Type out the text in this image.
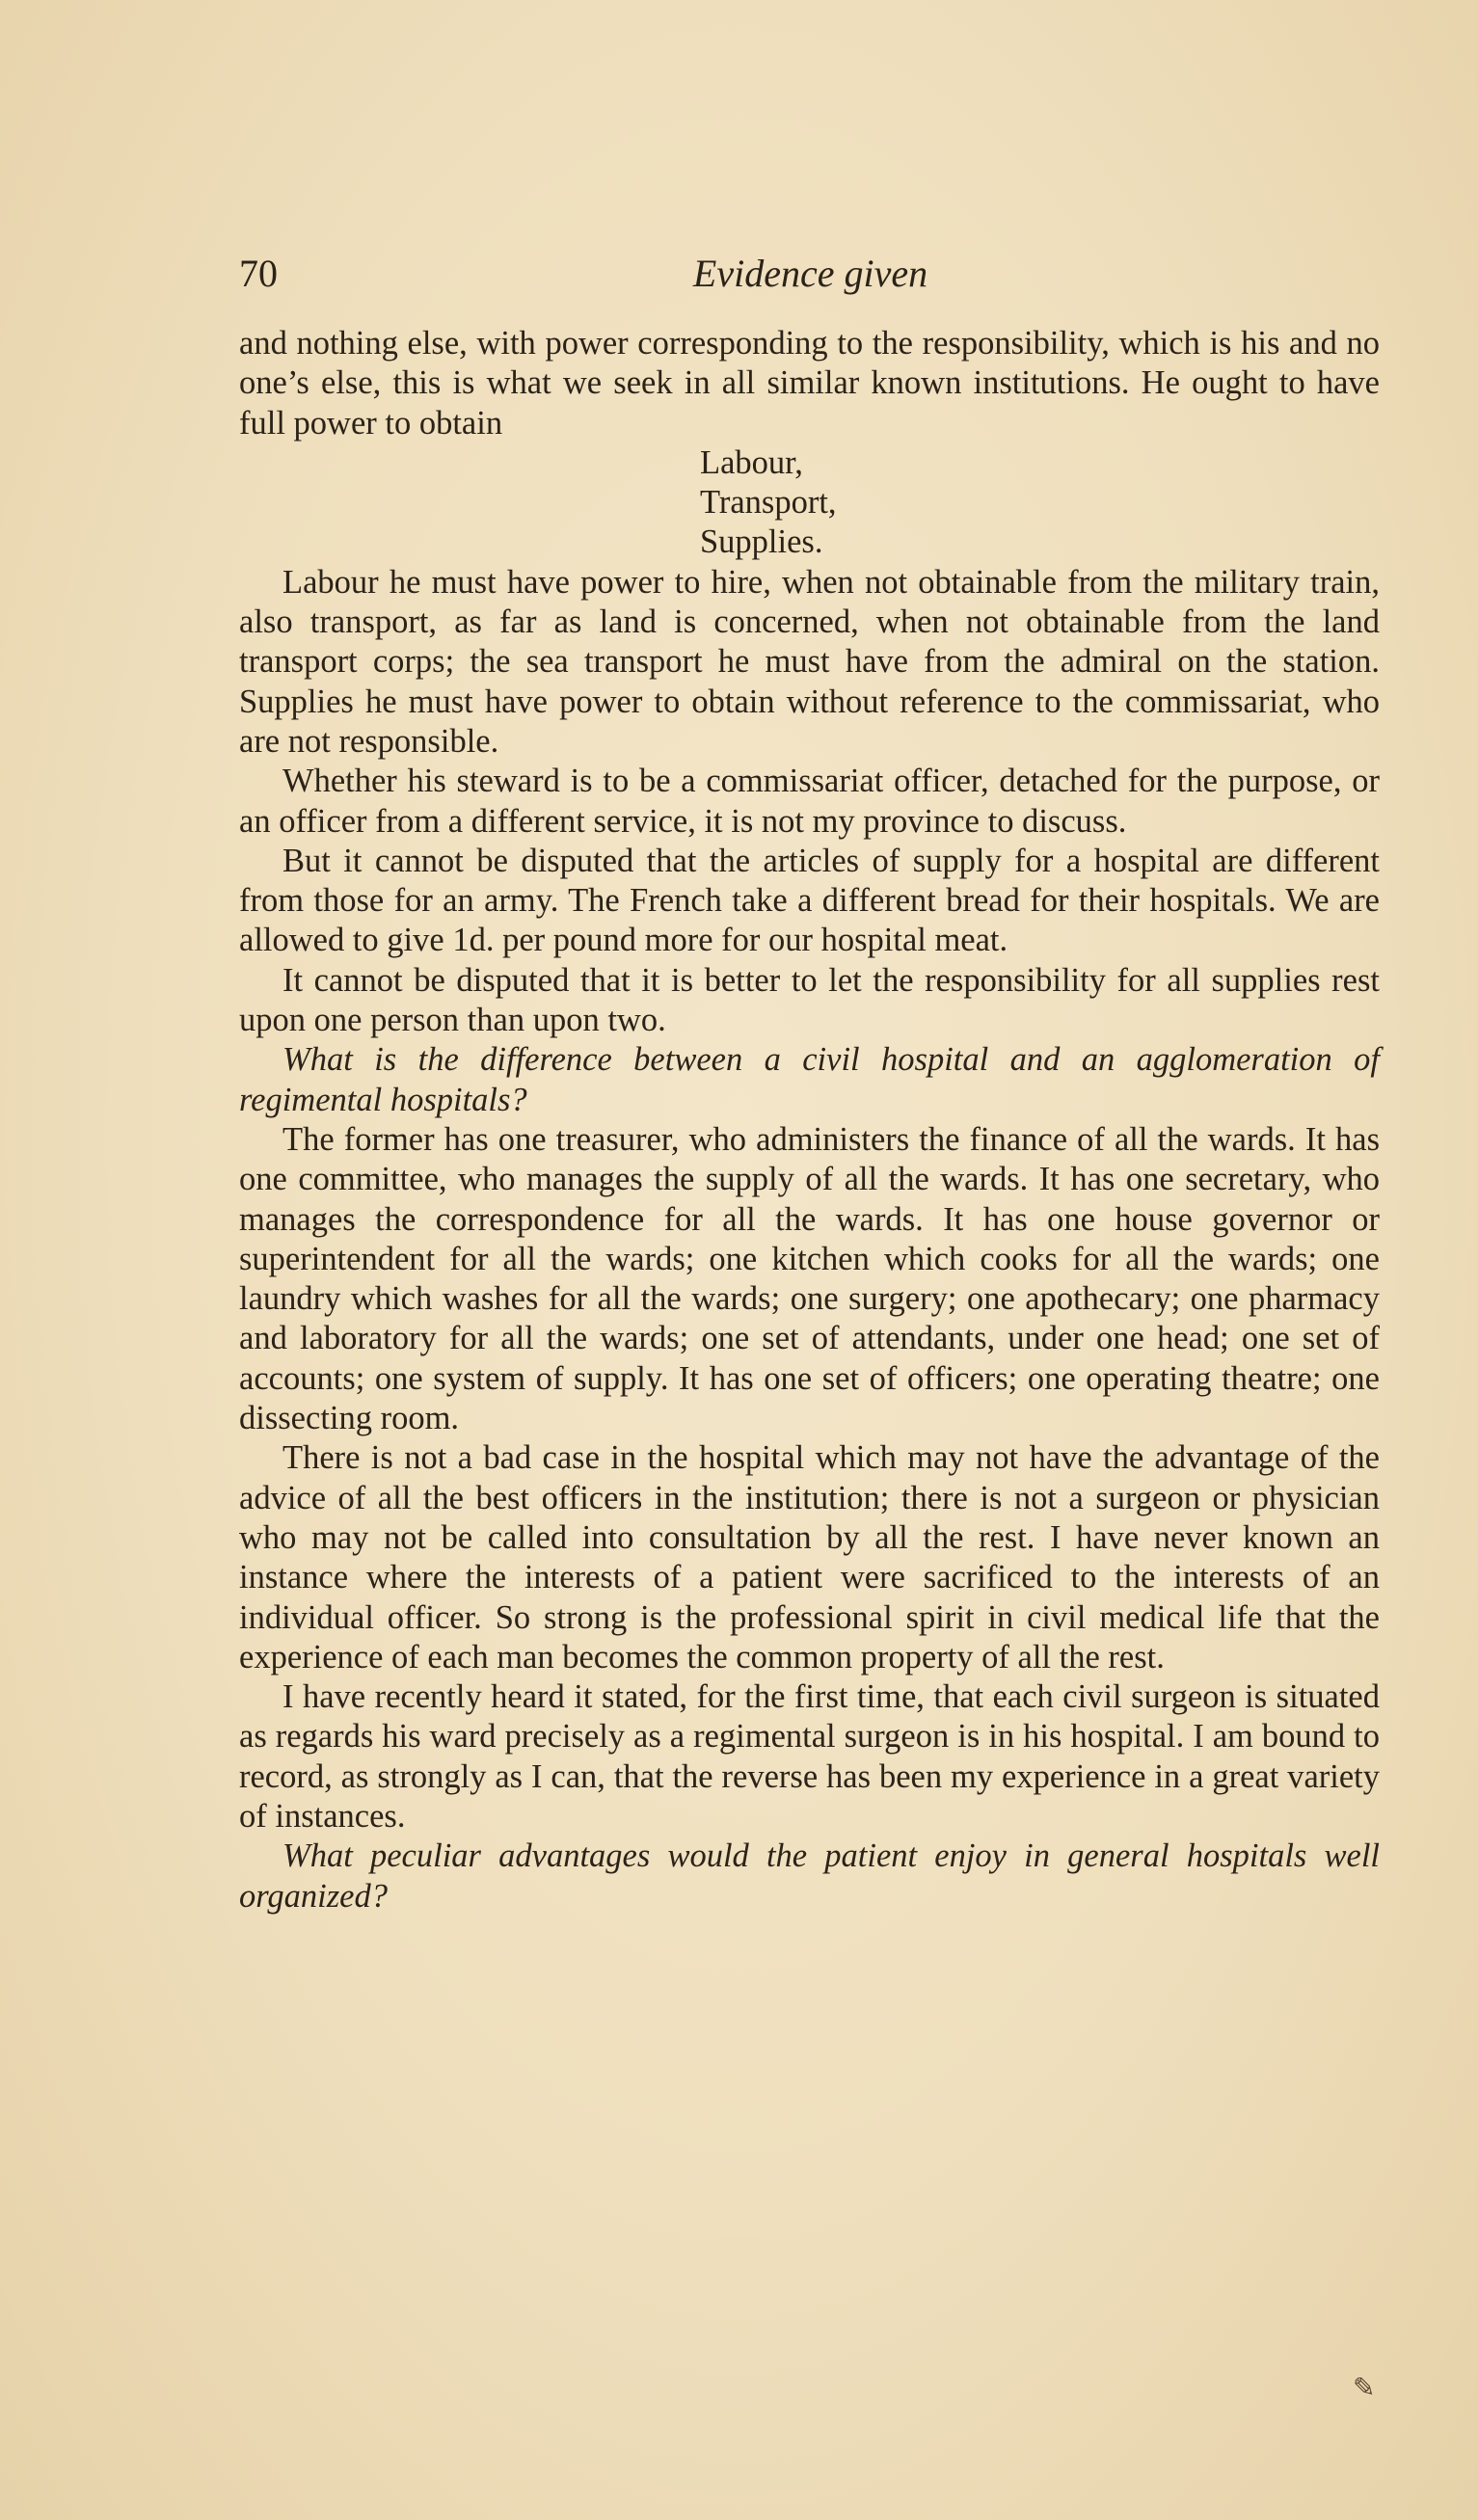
70	Evidence given

and nothing else, with power corresponding to the responsibility, which is his and no one’s else, this is what we seek in all similar known institutions. He ought to have full power to obtain

Labour,
Transport,
Supplies.

Labour he must have power to hire, when not obtainable from the military train, also transport, as far as land is concerned, when not obtainable from the land transport corps; the sea transport he must have from the admiral on the station. Supplies he must have power to obtain without reference to the commissariat, who are not responsible.

Whether his steward is to be a commissariat officer, detached for the purpose, or an officer from a different service, it is not my province to discuss.

But it cannot be disputed that the articles of supply for a hospital are different from those for an army. The French take a different bread for their hospitals. We are allowed to give 1d. per pound more for our hospital meat.

It cannot be disputed that it is better to let the responsibility for all supplies rest upon one person than upon two.

What is the difference between a civil hospital and an agglomeration of regimental hospitals?

The former has one treasurer, who administers the finance of all the wards. It has one committee, who manages the supply of all the wards. It has one secretary, who manages the correspondence for all the wards. It has one house governor or superintendent for all the wards; one kitchen which cooks for all the wards; one laundry which washes for all the wards; one surgery; one apothecary; one pharmacy and laboratory for all the wards; one set of attendants, under one head; one set of accounts; one system of supply. It has one set of officers; one operating theatre; one dissecting room.

There is not a bad case in the hospital which may not have the advantage of the advice of all the best officers in the institution; there is not a surgeon or physician who may not be called into consultation by all the rest. I have never known an instance where the interests of a patient were sacrificed to the interests of an individual officer. So strong is the professional spirit in civil medical life that the experience of each man becomes the common property of all the rest.

I have recently heard it stated, for the first time, that each civil surgeon is situated as regards his ward precisely as a regimental surgeon is in his hospital. I am bound to record, as strongly as I can, that the reverse has been my experience in a great variety of instances.

What peculiar advantages would the patient enjoy in general hospitals well organized?

✎
